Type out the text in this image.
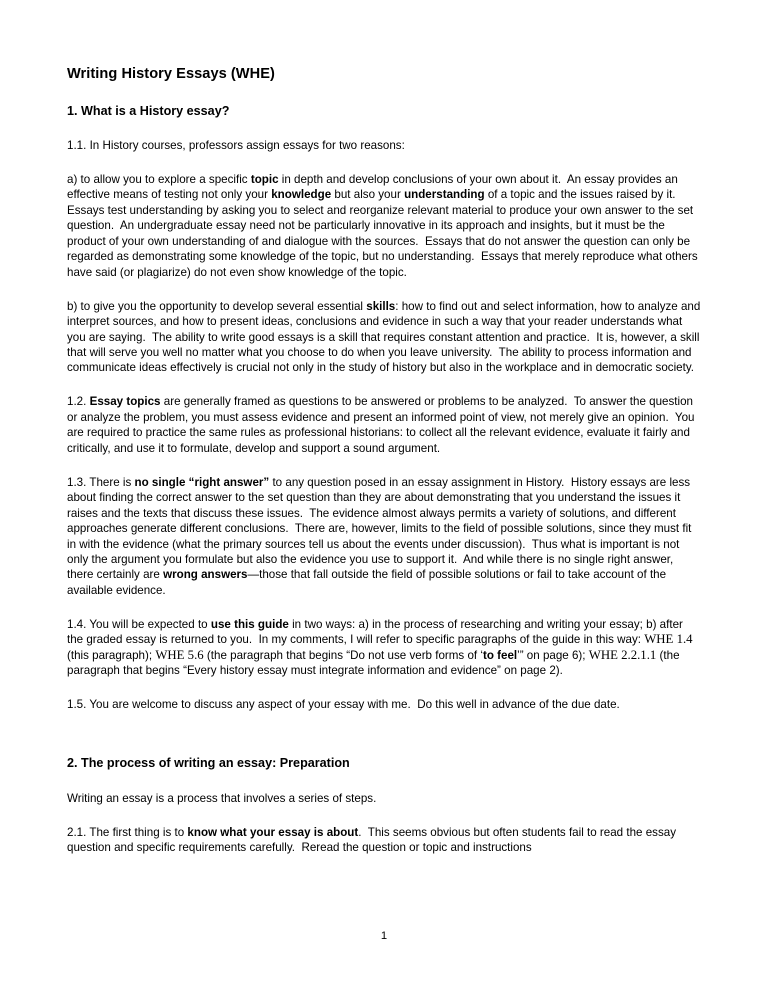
Writing History Essays (WHE)
1. What is a History essay?

1.1. In History courses, professors assign essays for two reasons:

a) to allow you to explore a specific topic in depth and develop conclusions of your own about it.  An essay provides an effective means of testing not only your knowledge but also your understanding of a topic and the issues raised by it.  Essays test understanding by asking you to select and reorganize relevant material to produce your own answer to the set question.  An undergraduate essay need not be particularly innovative in its approach and insights, but it must be the product of your own understanding of and dialogue with the sources.  Essays that do not answer the question can only be regarded as demonstrating some knowledge of the topic, but no understanding.  Essays that merely reproduce what others have said (or plagiarize) do not even show knowledge of the topic.

b) to give you the opportunity to develop several essential skills: how to find out and select information, how to analyze and interpret sources, and how to present ideas, conclusions and evidence in such a way that your reader understands what you are saying.  The ability to write good essays is a skill that requires constant attention and practice.  It is, however, a skill that will serve you well no matter what you choose to do when you leave university.  The ability to process information and communicate ideas effectively is crucial not only in the study of history but also in the workplace and in democratic society.

1.2. Essay topics are generally framed as questions to be answered or problems to be analyzed.  To answer the question or analyze the problem, you must assess evidence and present an informed point of view, not merely give an opinion.  You are required to practice the same rules as professional historians: to collect all the relevant evidence, evaluate it fairly and critically, and use it to formulate, develop and support a sound argument.

1.3. There is no single “right answer” to any question posed in an essay assignment in History.  History essays are less about finding the correct answer to the set question than they are about demonstrating that you understand the issues it raises and the texts that discuss these issues.  The evidence almost always permits a variety of solutions, and different approaches generate different conclusions.  There are, however, limits to the field of possible solutions, since they must fit in with the evidence (what the primary sources tell us about the events under discussion).  Thus what is important is not only the argument you formulate but also the evidence you use to support it.  And while there is no single right answer, there certainly are wrong answers—those that fall outside the field of possible solutions or fail to take account of the available evidence.

1.4. You will be expected to use this guide in two ways: a) in the process of researching and writing your essay; b) after the graded essay is returned to you.  In my comments, I will refer to specific paragraphs of the guide in this way: WHE 1.4 (this paragraph); WHE 5.6 (the paragraph that begins “Do not use verb forms of ‘to feel’” on page 6); WHE 2.2.1.1 (the paragraph that begins “Every history essay must integrate information and evidence” on page 2).

1.5. You are welcome to discuss any aspect of your essay with me.  Do this well in advance of the due date.

2. The process of writing an essay: Preparation

Writing an essay is a process that involves a series of steps.

2.1. The first thing is to know what your essay is about.  This seems obvious but often students fail to read the essay question and specific requirements carefully.  Reread the question or topic and instructions

1
